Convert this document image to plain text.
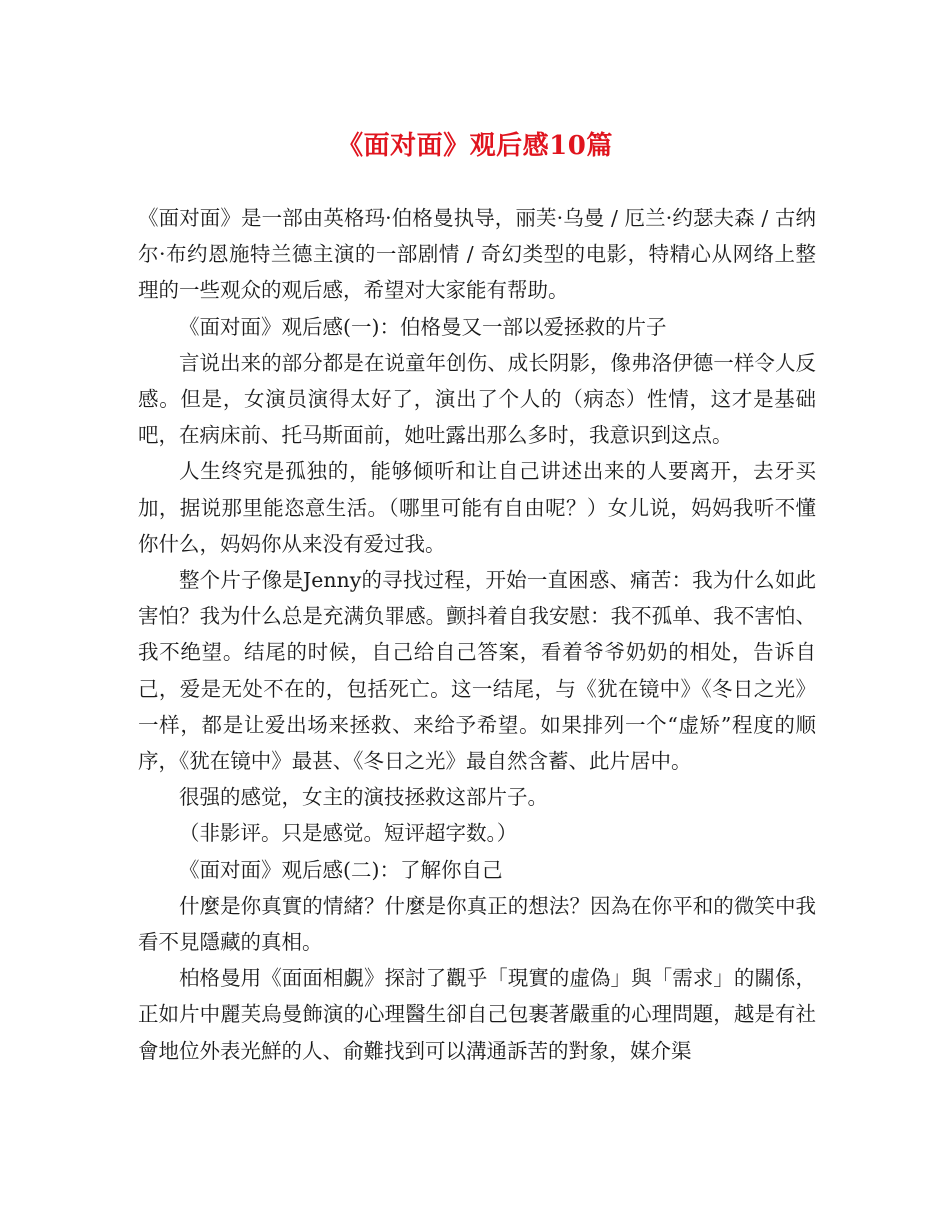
《面对面》观后感10篇

《面对面》是一部由英格玛·伯格曼执导，丽芙·乌曼 / 厄兰·约瑟夫森 / 古纳尔·布约恩施特兰德主演的一部剧情 / 奇幻类型的电影，特精心从网络上整理的一些观众的观后感，希望对大家能有帮助。

《面对面》观后感(一)：伯格曼又一部以爱拯救的片子

言说出来的部分都是在说童年创伤、成长阴影，像弗洛伊德一样令人反感。但是，女演员演得太好了，演出了个人的（病态）性情，这才是基础吧，在病床前、托马斯面前，她吐露出那么多时，我意识到这点。

人生终究是孤独的，能够倾听和让自己讲述出来的人要离开，去牙买加，据说那里能恣意生活。（哪里可能有自由呢？）女儿说，妈妈我听不懂你什么，妈妈你从来没有爱过我。

整个片子像是Jenny的寻找过程，开始一直困惑、痛苦：我为什么如此害怕？我为什么总是充满负罪感。颤抖着自我安慰：我不孤单、我不害怕、我不绝望。结尾的时候，自己给自己答案，看着爷爷奶奶的相处，告诉自己，爱是无处不在的，包括死亡。这一结尾，与《犹在镜中》《冬日之光》一样，都是让爱出场来拯救、来给予希望。如果排列一个“虚矫”程度的顺序，《犹在镜中》最甚、《冬日之光》最自然含蓄、此片居中。

很强的感觉，女主的演技拯救这部片子。

（非影评。只是感觉。短评超字数。）

《面对面》观后感(二)：了解你自己

什麼是你真實的情緒？什麼是你真正的想法？因為在你平和的微笑中我看不見隱藏的真相。

柏格曼用《面面相覷》探討了觀乎「現實的虛偽」與「需求」的關係，正如片中麗芙烏曼飾演的心理醫生卻自己包裹著嚴重的心理問題，越是有社會地位外表光鮮的人、俞難找到可以溝通訴苦的對象，媒介渠
